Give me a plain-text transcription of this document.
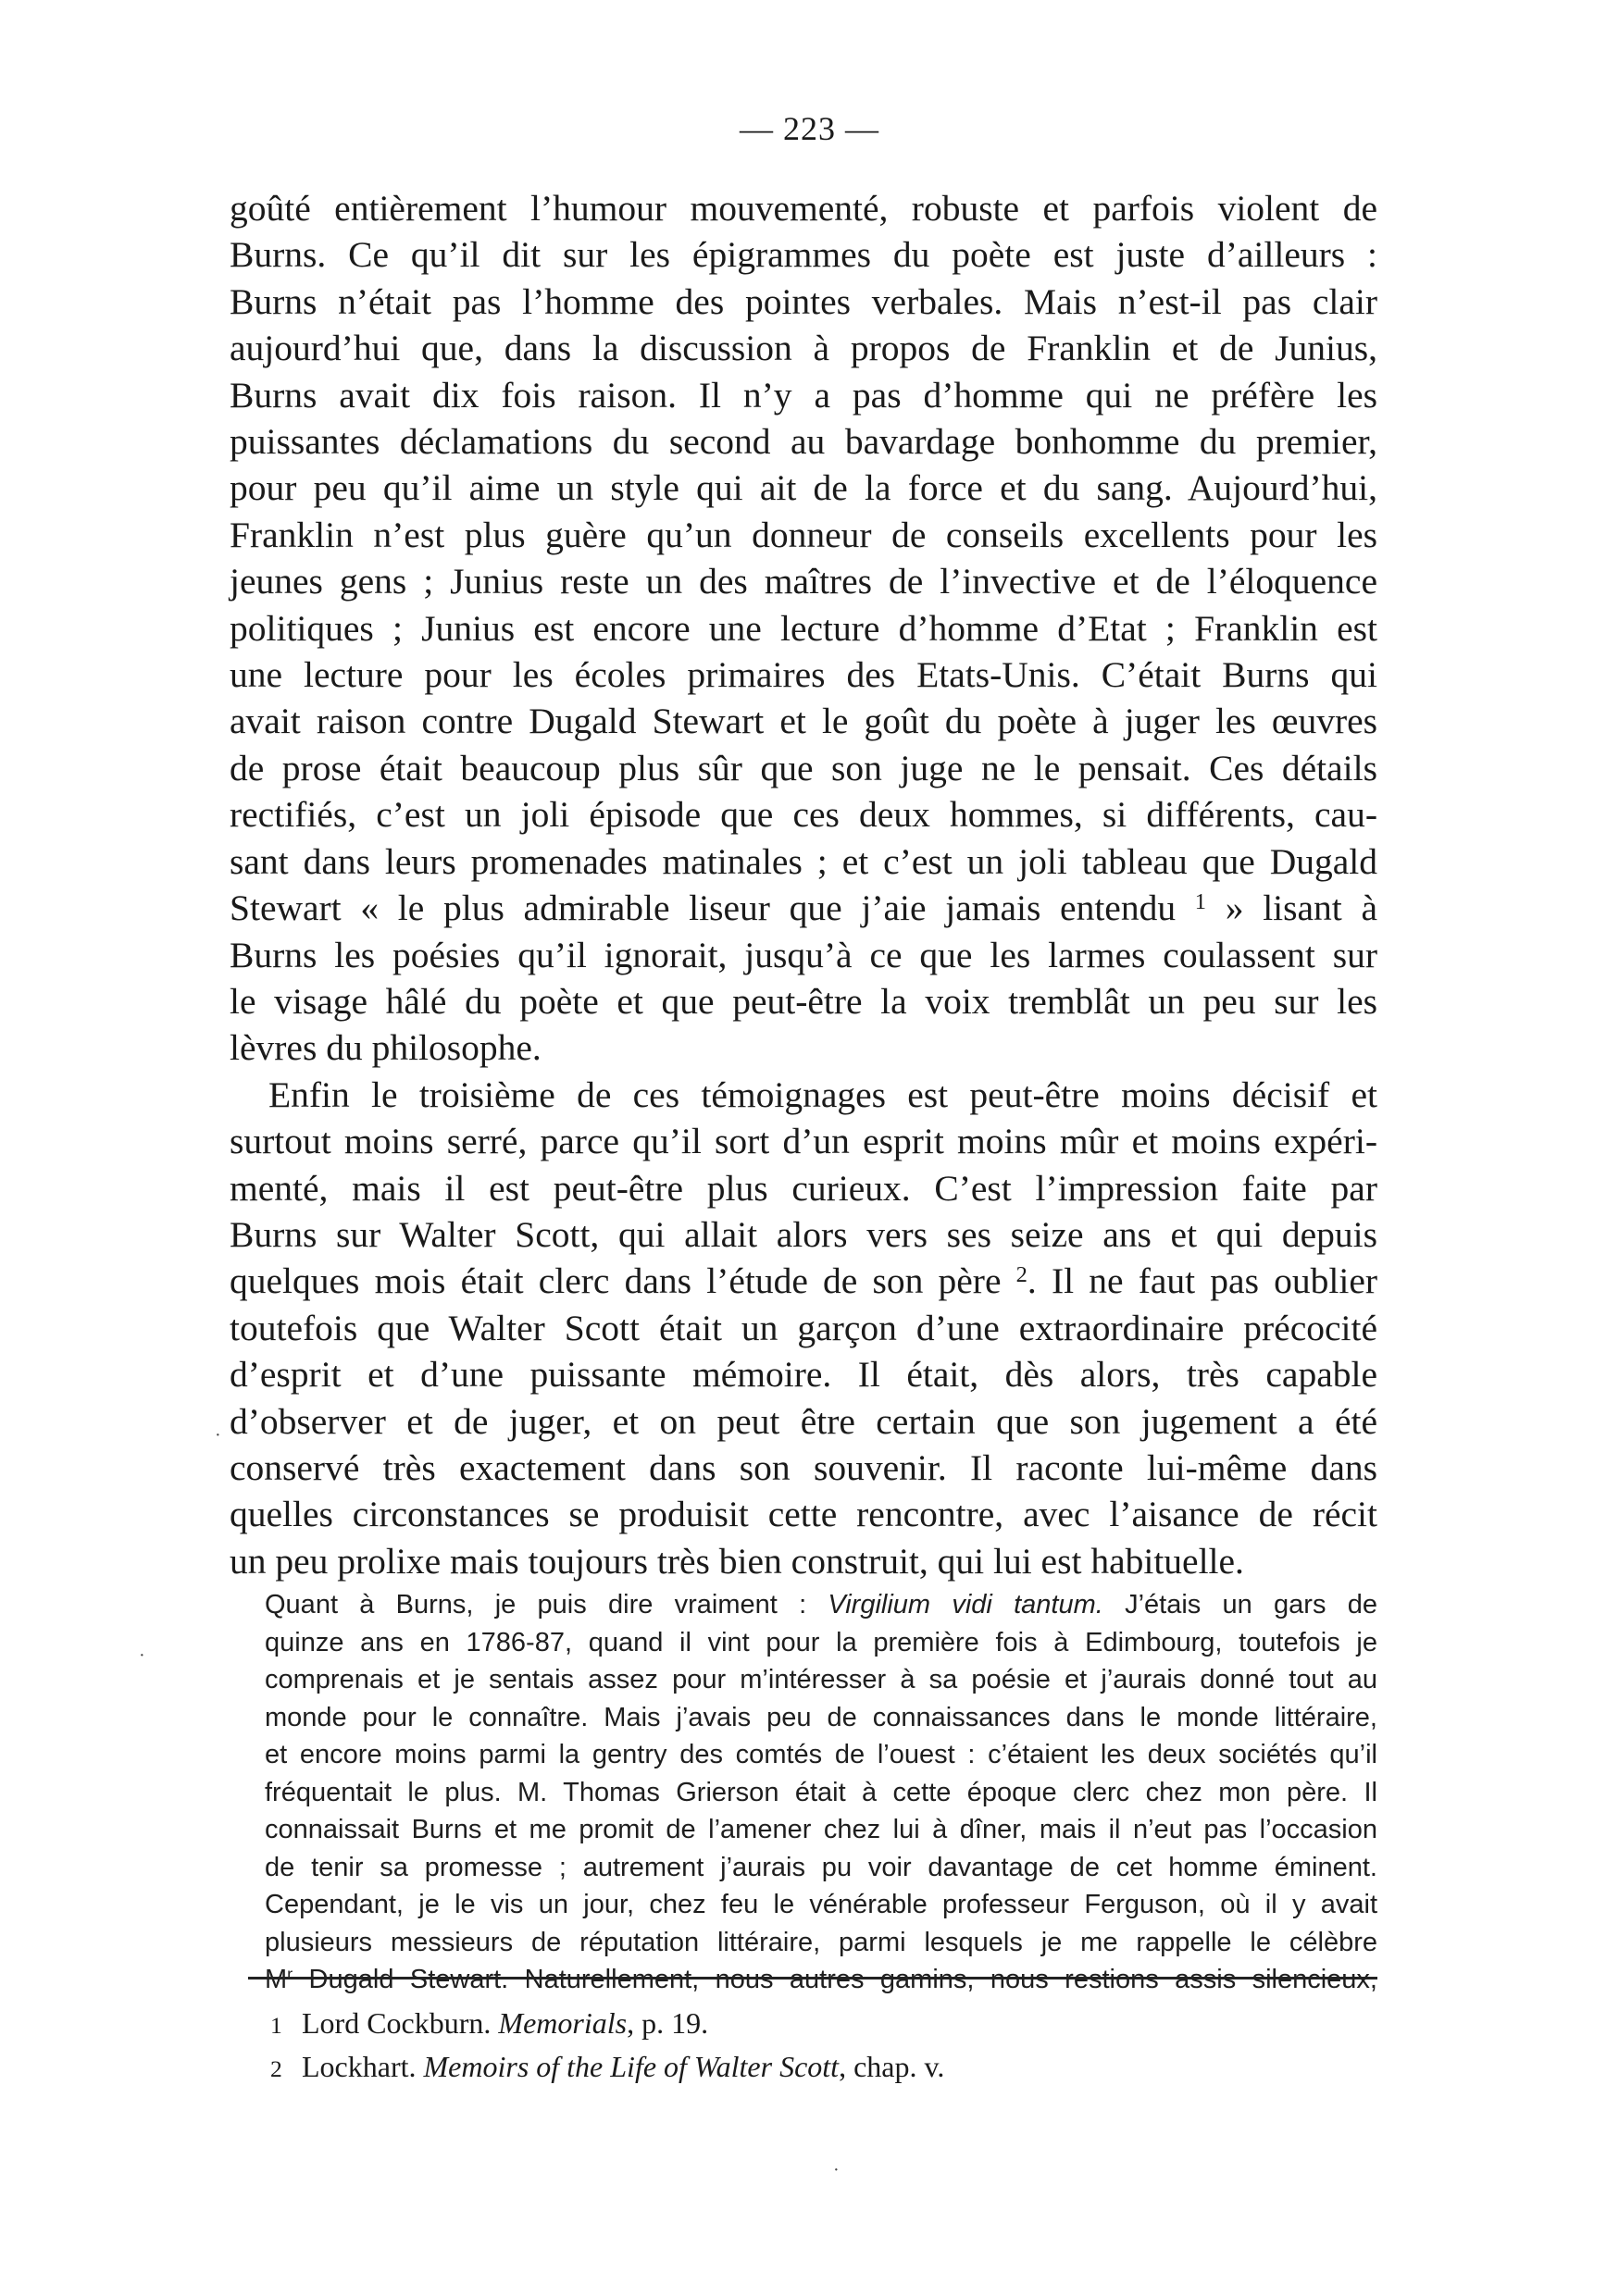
— 223 —
goûté entièrement l’humour mouvementé, robuste et parfois violent de
Burns. Ce qu’il dit sur les épigrammes du poète est juste d’ailleurs :
Burns n’était pas l’homme des pointes verbales. Mais n’est-il pas clair
aujourd’hui que, dans la discussion à propos de Franklin et de Junius,
Burns avait dix fois raison. Il n’y a pas d’homme qui ne préfère les
puissantes déclamations du second au bavardage bonhomme du premier,
pour peu qu’il aime un style qui ait de la force et du sang. Aujourd’hui,
Franklin n’est plus guère qu’un donneur de conseils excellents pour les
jeunes gens ; Junius reste un des maîtres de l’invective et de l’éloquence
politiques ; Junius est encore une lecture d’homme d’Etat ; Franklin est
une lecture pour les écoles primaires des Etats-Unis. C’était Burns qui
avait raison contre Dugald Stewart et le goût du poète à juger les œuvres
de prose était beaucoup plus sûr que son juge ne le pensait. Ces détails
rectifiés, c’est un joli épisode que ces deux hommes, si différents, cau-
sant dans leurs promenades matinales ; et c’est un joli tableau que Dugald
Stewart « le plus admirable liseur que j’aie jamais entendu $^1$ » lisant à
Burns les poésies qu’il ignorait, jusqu’à ce que les larmes coulassent sur
le visage hâlé du poète et que peut-être la voix tremblât un peu sur les
lèvres du philosophe.
Enfin le troisième de ces témoignages est peut-être moins décisif et
surtout moins serré, parce qu’il sort d’un esprit moins mûr et moins expéri-
menté, mais il est peut-être plus curieux. C’est l’impression faite par
Burns sur Walter Scott, qui allait alors vers ses seize ans et qui depuis
quelques mois était clerc dans l’étude de son père $^2$. Il ne faut pas oublier
toutefois que Walter Scott était un garçon d’une extraordinaire précocité
d’esprit et d’une puissante mémoire. Il était, dès alors, très capable
d’observer et de juger, et on peut être certain que son jugement a été
conservé très exactement dans son souvenir. Il raconte lui-même dans
quelles circonstances se produisit cette rencontre, avec l’aisance de récit
un peu prolixe mais toujours très bien construit, qui lui est habituelle.
Quant à Burns, je puis dire vraiment : Virgilium vidi tantum. J’étais un gars de
quinze ans en 1786-87, quand il vint pour la première fois à Edimbourg, toutefois je
comprenais et je sentais assez pour m’intéresser à sa poésie et j’aurais donné tout au
monde pour le connaître. Mais j’avais peu de connaissances dans le monde littéraire,
et encore moins parmi la gentry des comtés de l’ouest : c’étaient les deux sociétés qu’il
fréquentait le plus. M. Thomas Grierson était à cette époque clerc chez mon père. Il
connaissait Burns et me promit de l’amener chez lui à dîner, mais il n’eut pas l’occasion
de tenir sa promesse ; autrement j’aurais pu voir davantage de cet homme éminent.
Cependant, je le vis un jour, chez feu le vénérable professeur Ferguson, où il y avait
plusieurs messieurs de réputation littéraire, parmi lesquels je me rappelle le célèbre
$M^r$ Dugald Stewart. Naturellement, nous autres gamins, nous restions assis silencieux,
1 Lord Cockburn. Memorials, p. 19.
2 Lockhart. Memoirs of the Life of Walter Scott, chap. v.
·
·
·
